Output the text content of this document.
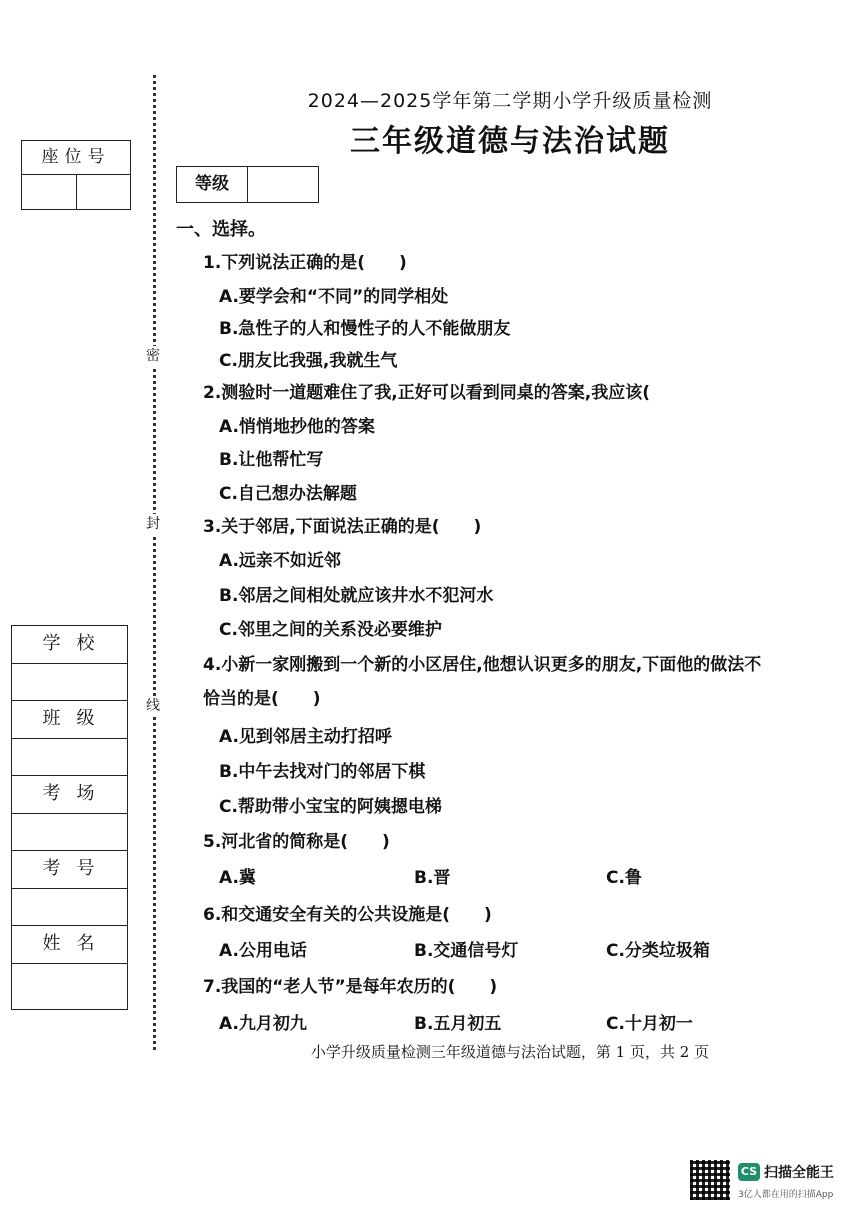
座位号
密
封
线
学校
班级
考场
考号
姓名
2024—2025学年第二学期小学升级质量检测
三年级道德与法治试题
等级
一、选择。
1.下列说法正确的是(　　)
A.要学会和“不同”的同学相处
B.急性子的人和慢性子的人不能做朋友
C.朋友比我强,我就生气
2.测验时一道题难住了我,正好可以看到同桌的答案,我应该(
A.悄悄地抄他的答案
B.让他帮忙写
C.自己想办法解题
3.关于邻居,下面说法正确的是(　　)
A.远亲不如近邻
B.邻居之间相处就应该井水不犯河水
C.邻里之间的关系没必要维护
4.小新一家刚搬到一个新的小区居住,他想认识更多的朋友,下面他的做法不
恰当的是(　　)
A.见到邻居主动打招呼
B.中午去找对门的邻居下棋
C.帮助带小宝宝的阿姨摁电梯
5.河北省的简称是(　　)
A.冀	B.晋	C.鲁
6.和交通安全有关的公共设施是(　　)
A.公用电话	B.交通信号灯	C.分类垃圾箱
7.我国的“老人节”是每年农历的(　　)
A.九月初九	B.五月初五	C.十月初一
小学升级质量检测三年级道德与法治试题，第 1 页，共 2 页
CS 扫描全能王
3亿人都在用的扫描App
